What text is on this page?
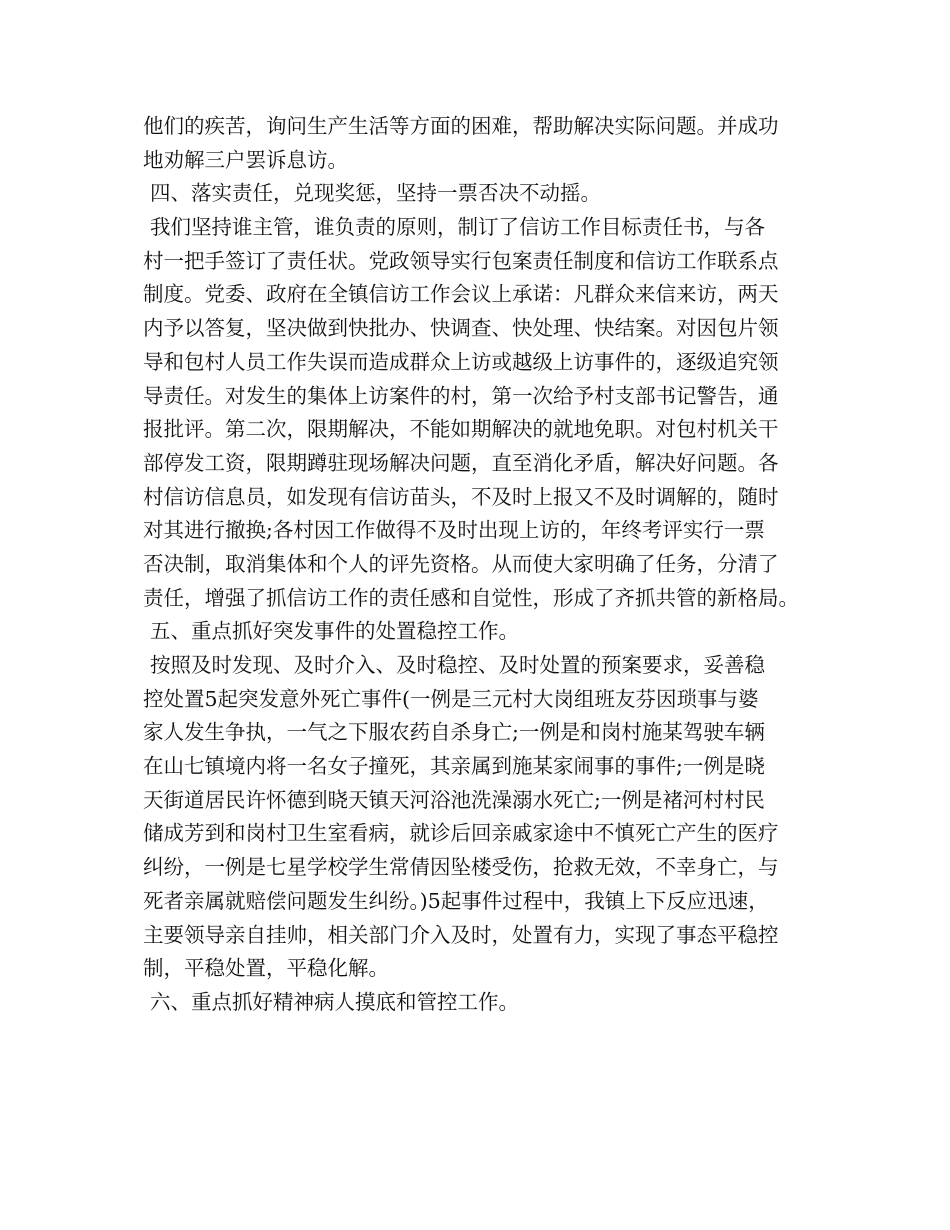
他们的疾苦，询问生产生活等方面的困难，帮助解决实际问题。并成功
地劝解三户罢诉息访。
四、落实责任，兑现奖惩，坚持一票否决不动摇。
我们坚持谁主管，谁负责的原则，制订了信访工作目标责任书，与各
村一把手签订了责任状。党政领导实行包案责任制度和信访工作联系点
制度。党委、政府在全镇信访工作会议上承诺：凡群众来信来访，两天
内予以答复，坚决做到快批办、快调查、快处理、快结案。对因包片领
导和包村人员工作失误而造成群众上访或越级上访事件的，逐级追究领
导责任。对发生的集体上访案件的村，第一次给予村支部书记警告，通
报批评。第二次，限期解决，不能如期解决的就地免职。对包村机关干
部停发工资，限期蹲驻现场解决问题，直至消化矛盾，解决好问题。各
村信访信息员，如发现有信访苗头，不及时上报又不及时调解的，随时
对其进行撤换;各村因工作做得不及时出现上访的，年终考评实行一票
否决制，取消集体和个人的评先资格。从而使大家明确了任务，分清了
责任，增强了抓信访工作的责任感和自觉性，形成了齐抓共管的新格局。
五、重点抓好突发事件的处置稳控工作。
按照及时发现、及时介入、及时稳控、及时处置的预案要求，妥善稳
控处置5起突发意外死亡事件(一例是三元村大岗组班友芬因琐事与婆
家人发生争执，一气之下服农药自杀身亡;一例是和岗村施某驾驶车辆
在山七镇境内将一名女子撞死，其亲属到施某家闹事的事件;一例是晓
天街道居民许怀德到晓天镇天河浴池洗澡溺水死亡;一例是褚河村村民
储成芳到和岗村卫生室看病，就诊后回亲戚家途中不慎死亡产生的医疗
纠纷，一例是七星学校学生常倩因坠楼受伤，抢救无效，不幸身亡，与
死者亲属就赔偿问题发生纠纷。)5起事件过程中，我镇上下反应迅速，
主要领导亲自挂帅，相关部门介入及时，处置有力，实现了事态平稳控
制，平稳处置，平稳化解。
六、重点抓好精神病人摸底和管控工作。
